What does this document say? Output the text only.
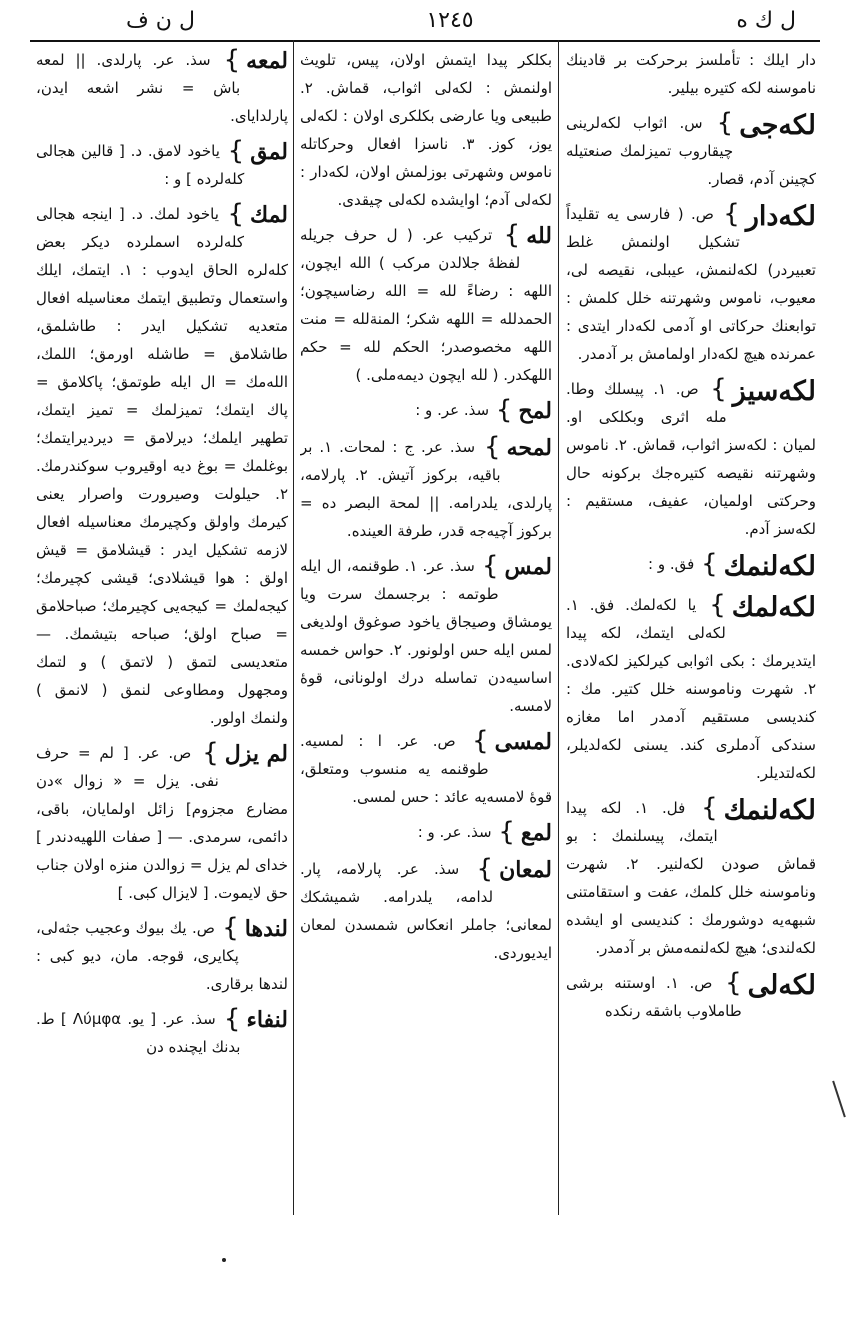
ل ن ف	١٢٤٥	ل ك ه
دار ايلك : تأملسز برحركت بر قادينك ناموسنه لكه‌ كتيره‌ بيلير.
لكه‌جى
} س. اثواب لكه‌لرينى چيقاروب تميزلمك صنعتيله كچينن آدم، قصار.
لكه‌دار
} ص. ( فارسى يه تقليداً تشكيل اولنمش غلط تعبيردر) لكه‌لنمش، عيبلى، نقيصه لى، معيوب، ناموس وشهرتنه خلل كلمش : توابعنك حركاتى او آدمى لكه‌دار ايتدى : عمرنده هيچ لكه‌دار اولمامش بر آدمدر.
لكه‌سيز
} ص. ١. پيسلك وطا. مله اثرى وبكلكى او. لميان : لكه‌سز اثواب، قماش. ٢. ناموس وشهرتنه نقيصه كتيره‌جك بركونه حال وحركتى اولميان، عفيف، مستقيم : لكه‌سز آدم.
لكه‌لنمك
} فق. و :
لكه‌لمك
} يا لكه‌لمك. فق. ١. لكه‌لى ايتمك، لكه‌ پيدا ايتديرمك : بكى اثوابى كيرلكيز لكه‌لادى. ٢. شهرت وناموسنه خلل كتير. مك : كنديسى مستقيم آدمدر اما مغازه سندكى آدملرى كند. يسنى لكه‌لديلر، لكه‌لتديلر.
لكه‌لنمك
} فل. ١. لكه پيدا ايتمك، پيسلنمك : بو قماش صودن لكه‌لنير. ٢. شهرت وناموسنه خلل كلمك، عفت و استقامتنى شبهه‌يه دوشورمك : كنديسى او ايشده لكه‌لندى؛ هيچ لكه‌لنمه‌مش بر آدمدر.
لكه‌لى
} ص. ١. اوستنه برشى طاملاوب باشقه رنكده
بكلكر پيدا ايتمش اولان، پيس، تلويث اولنمش : لكه‌لى اثواب، قماش. ٢. طبيعى ويا عارضى بكلكرى اولان : لكه‌لى يوز، كوز. ٣. ناسزا افعال وحركاتله ناموس وشهرتى بوزلمش اولان، لكه‌دار : لكه‌لى آدم؛ اوايشده لكه‌لى چيقدى.
لله
} تركيب عر. ( ل حرف جريله لفظهٔ جلالدن مركب ) الله ايچون، اللهه : رضاءً لله = الله رضاسيچون؛ الحمدلله = اللهه شكر؛ المنةلله = منت اللهه مخصوصدر؛ الحكم لله = حكم اللهكدر. ( لله ايچون ديمه‌ملى. )
لمح
} سذ. عر. و :
لمحه
} سذ. عر. ج : لمحات. ١. بر باقيه، بركوز آتيش. ٢. پارلامه، پارلدى، يلدرامه. || لمحة البصر ده = بركوز آچيه‌جه قدر، طرفة العينده.
لمس
} سذ. عر. ١. طوقنمه، ال ايله طوتمه : برجسمك سرت ويا يومشاق وصيجاق ياخود صوغوق اولديغى لمس ايله حس اولونور. ٢. حواس خمسه‌ اساسيه‌دن تماسله درك اولونانى، قوه‌ٔ لامسه.
لمسى
} ص. عر. ا : لمسيه. طوقنمه يه منسوب ومتعلق، قوه‌ٔ لامسه‌يه عائد : حس لمسى.
لمع
} سذ. عر. و :
لمعان
} سذ. عر. پارلامه، پار. لدامه، يلدرامه. شميشكك لمعانى؛ جاملر انعكاس شمسدن لمعان ايديوردى.
لمعه
} سذ. عر. پارلدى. || لمعه باش = نشر اشعه ايدن، پارلداياى.
لمق
} ياخود لامق. د. [ قالين هجالى كله‌لرده ] و :
لمك
} ياخود لمك. د. [ اينجه هجالى كله‌لرده اسملرده ديكر بعض كله‌لره الحاق ايدوب : ١. ايتمك، ايلك واستعمال وتطبيق ايتمك معناسيله افعال متعديه تشكيل ايدر : طاشلمق، طاشلامق = طاشله اورمق؛ اللمك، الله‌مك = ال ايله طوتمق؛ پاكلامق = پاك ايتمك؛ تميزلمك = تميز ايتمك، تطهير ايلمك؛ ديرلامق = ديرديرايتمك؛ بوغلمك = بوغ ديه اوقيروب سوكندرمك. ٢. حيلولت وصيرورت واصرار يعنى كيرمك واولق وكچيرمك معناسيله افعال لازمه تشكيل ايدر : قيشلامق = قيش اولق : هوا قيشلادى؛ قيشى كچيرمك؛ كيجه‌لمك = كيجه‌يى كچيرمك؛ صباحلامق = صباح اولق؛ صباحه بتيشمك. — متعديسى لتمق ( لاتمق ) و لتمك ومجهول ومطاوعى لنمق ( لانمق ) ولنمك اولور.
لم يزل
} ص. عر. [ لم = حرف نفى. يزل = « زوال »دن مضارع مجزوم] زائل اولمايان، باقى، دائمى، سرمدى. — [ صفات اللهيه‌دندر ] خداى لم يزل = زوالدن منزه اولان جناب حق لايموت. [ لايزال كبى. ]
لندها
} ص. يك بيوك وعجيب جثه‌لى، پكايرى، قوجه. مان، ديو كبى : لندها برقارى.
لنفاء
} سذ. عر. [ يو. Λύμφα ] ط. بدنك ايچنده دن
